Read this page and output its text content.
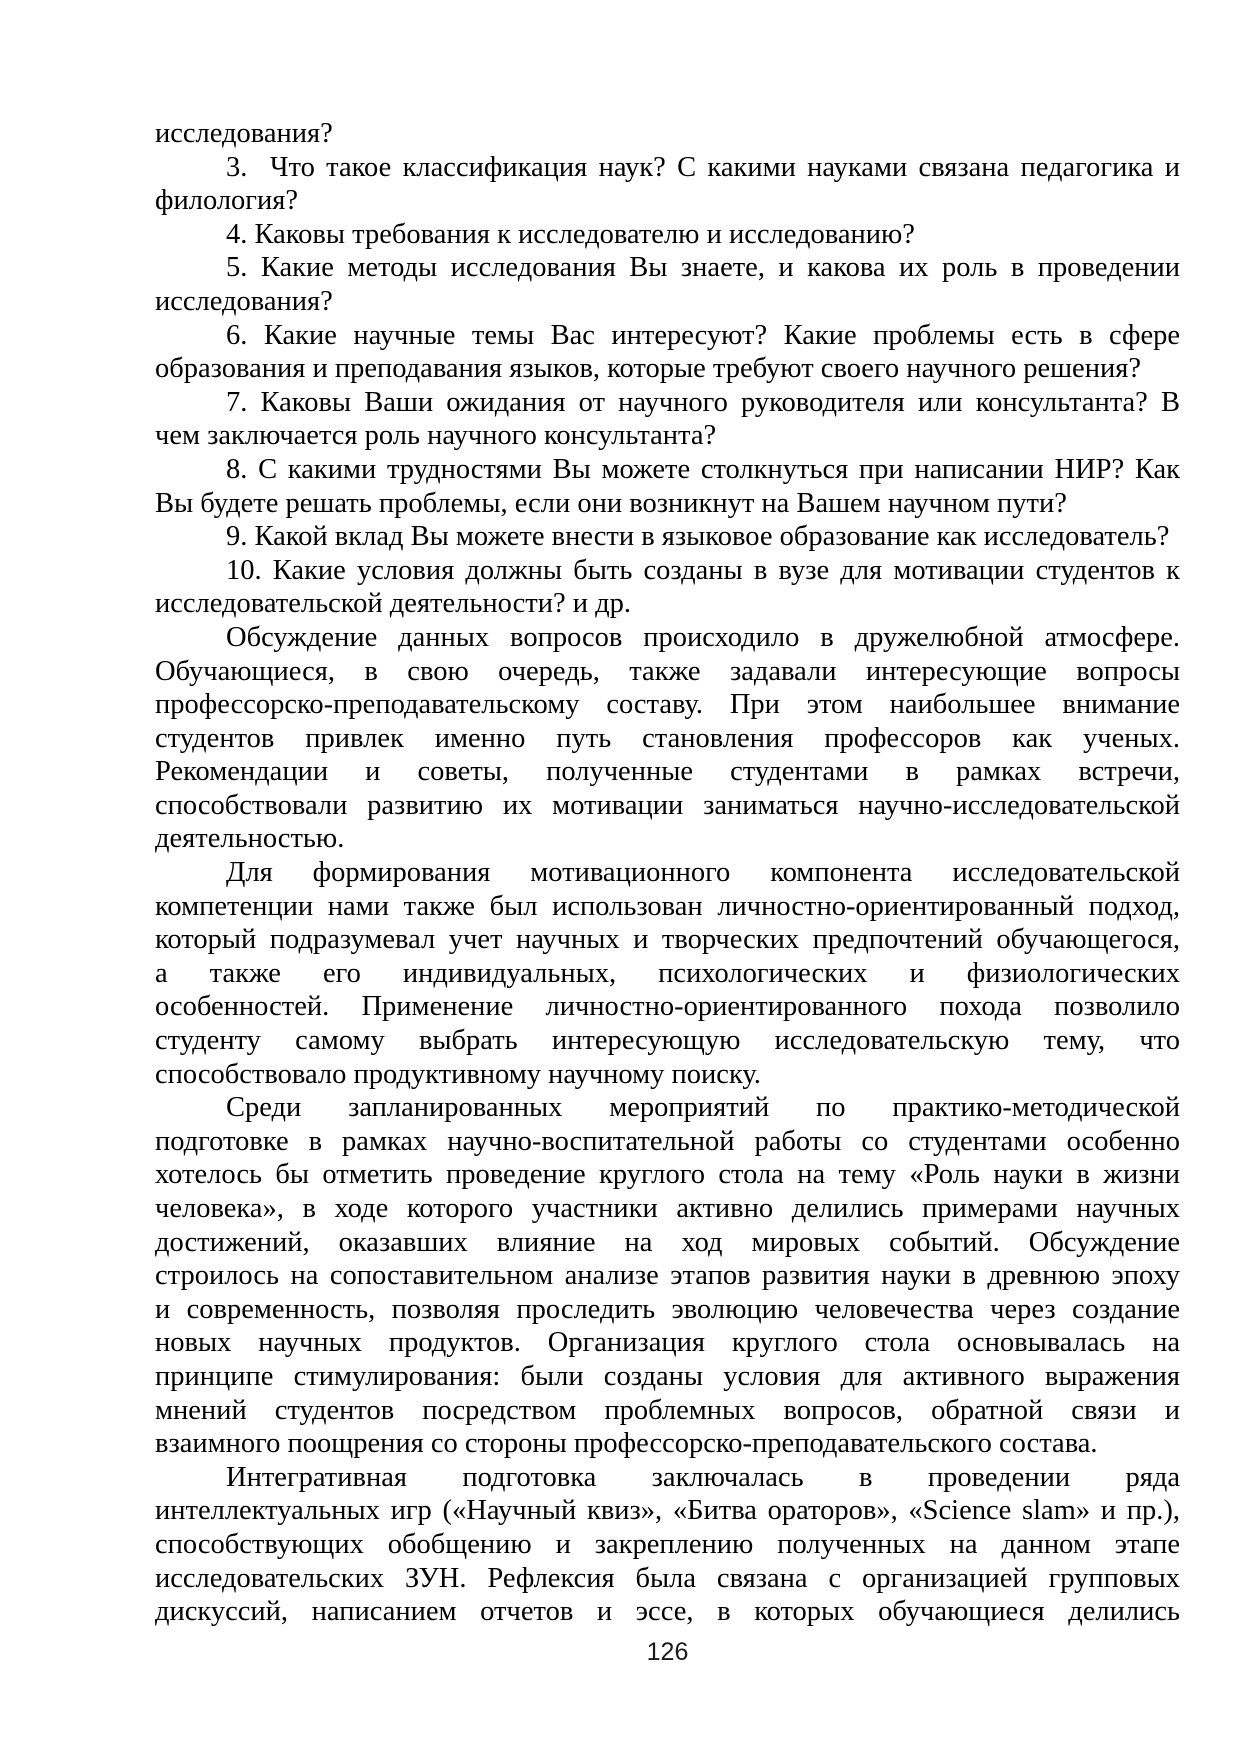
исследования?
3.  Что такое классификация наук? С какими науками связана педагогика и
филология?
4. Каковы требования к исследователю и исследованию?
5. Какие методы исследования Вы знаете, и какова их роль в проведении
исследования?
6. Какие научные темы Вас интересуют? Какие проблемы есть в сфере
образования и преподавания языков, которые требуют своего научного решения?
7. Каковы Ваши ожидания от научного руководителя или консультанта? В
чем заключается роль научного консультанта?
8. С какими трудностями Вы можете столкнуться при написании НИР? Как
Вы будете решать проблемы, если они возникнут на Вашем научном пути?
9. Какой вклад Вы можете внести в языковое образование как исследователь?
10. Какие условия должны быть созданы в вузе для мотивации студентов к
исследовательской деятельности? и др.
Обсуждение данных вопросов происходило в дружелюбной атмосфере.
Обучающиеся, в свою очередь, также задавали интересующие вопросы
профессорско-преподавательскому составу. При этом наибольшее внимание
студентов привлек именно путь становления профессоров как ученых.
Рекомендации и советы, полученные студентами в рамках встречи,
способствовали развитию их мотивации заниматься научно-исследовательской
деятельностью.
Для формирования мотивационного компонента исследовательской
компетенции нами также был использован личностно-ориентированный подход,
который подразумевал учет научных и творческих предпочтений обучающегося,
а также его индивидуальных, психологических и физиологических
особенностей. Применение личностно-ориентированного похода позволило
студенту самому выбрать интересующую исследовательскую тему, что
способствовало продуктивному научному поиску.
Среди запланированных мероприятий по практико-методической
подготовке в рамках научно-воспитательной работы со студентами особенно
хотелось бы отметить проведение круглого стола на тему «Роль науки в жизни
человека», в ходе которого участники активно делились примерами научных
достижений, оказавших влияние на ход мировых событий. Обсуждение
строилось на сопоставительном анализе этапов развития науки в древнюю эпоху
и современность, позволяя проследить эволюцию человечества через создание
новых научных продуктов. Организация круглого стола основывалась на
принципе стимулирования: были созданы условия для активного выражения
мнений студентов посредством проблемных вопросов, обратной связи и
взаимного поощрения со стороны профессорско-преподавательского состава.
Интегративная подготовка заключалась в проведении ряда
интеллектуальных игр («Научный квиз», «Битва ораторов», «Science slam» и пр.),
способствующих обобщению и закреплению полученных на данном этапе
исследовательских ЗУН. Рефлексия была связана с организацией групповых
дискуссий, написанием отчетов и эссе, в которых обучающиеся делились
126
